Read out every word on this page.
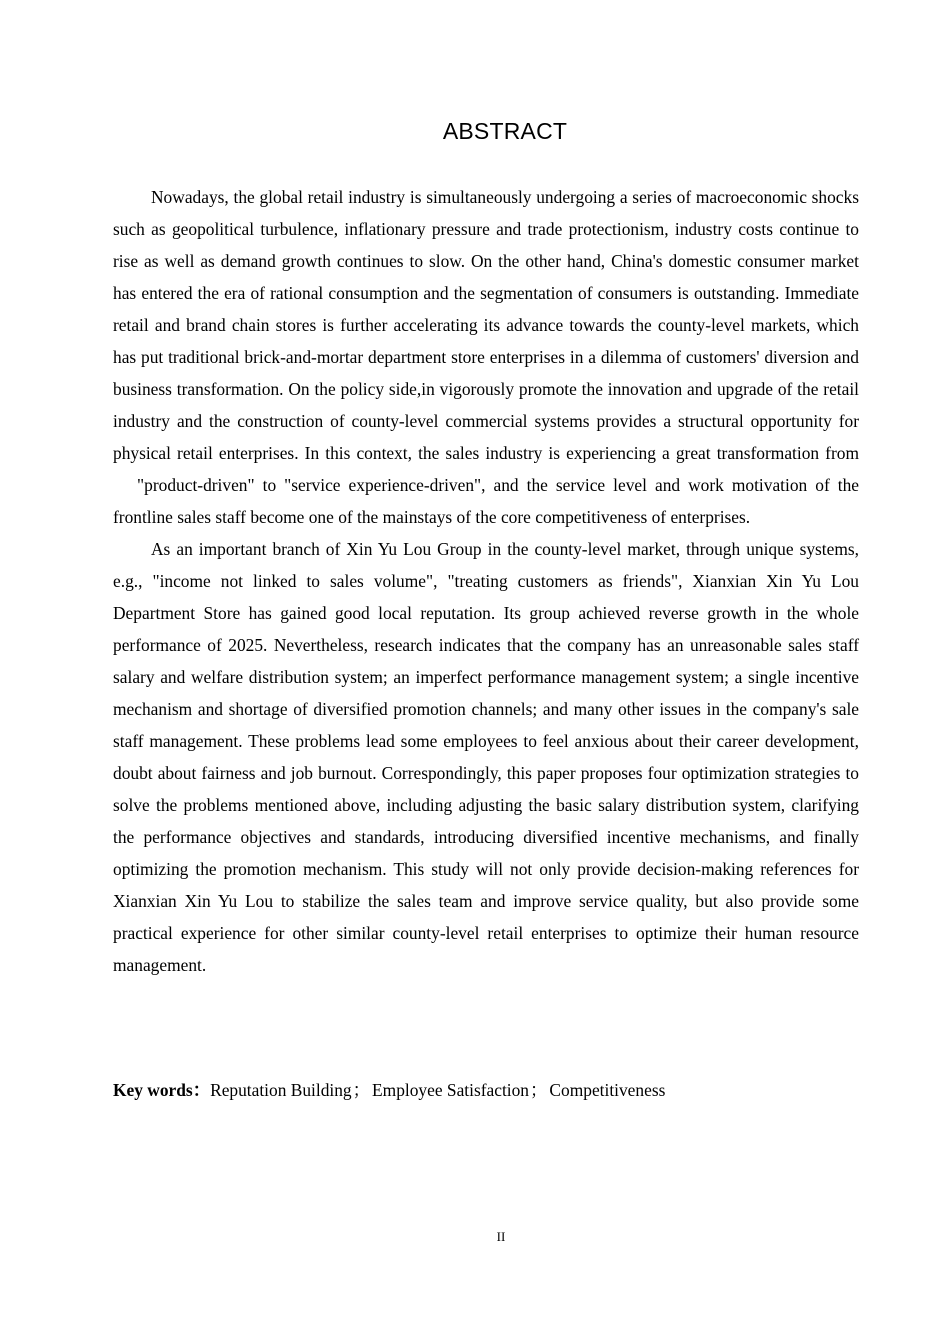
ABSTRACT

Nowadays, the global retail industry is simultaneously undergoing a series of macroeconomic shocks such as geopolitical turbulence, inflationary pressure and trade protectionism, industry costs continue to rise as well as demand growth continues to slow. On the other hand, China's domestic consumer market has entered the era of rational consumption and the segmentation of consumers is outstanding. Immediate retail and brand chain stores is further accelerating its advance towards the county-level markets, which has put traditional brick-and-mortar department store enterprises in a dilemma of customers' diversion and business transformation. On the policy side,in vigorously promote the innovation and upgrade of the retail industry and the construction of county-level commercial systems provides a structural opportunity for physical retail enterprises. In this context, the sales industry is experiencing a great transformation from    "product-driven" to "service experience-driven", and the service level and work motivation of the frontline sales staff become one of the mainstays of the core competitiveness of enterprises.

As an important branch of Xin Yu Lou Group in the county-level market, through unique systems, e.g., "income not linked to sales volume", "treating customers as friends", Xianxian Xin Yu Lou Department Store has gained good local reputation. Its group achieved reverse growth in the whole performance of 2025. Nevertheless, research indicates that the company has an unreasonable sales staff salary and welfare distribution system; an imperfect performance management system; a single incentive mechanism and shortage of diversified promotion channels; and many other issues in the company's sale staff management. These problems lead some employees to feel anxious about their career development, doubt about fairness and job burnout. Correspondingly, this paper proposes four optimization strategies to solve the problems mentioned above, including adjusting the basic salary distribution system, clarifying the performance objectives and standards, introducing diversified incentive mechanisms, and finally optimizing the promotion mechanism. This study will not only provide decision-making references for Xianxian Xin Yu Lou to stabilize the sales team and improve service quality, but also provide some practical experience for other similar county-level retail enterprises to optimize their human resource management.

Key words：Reputation Building； Employee Satisfaction； Competitiveness

II
